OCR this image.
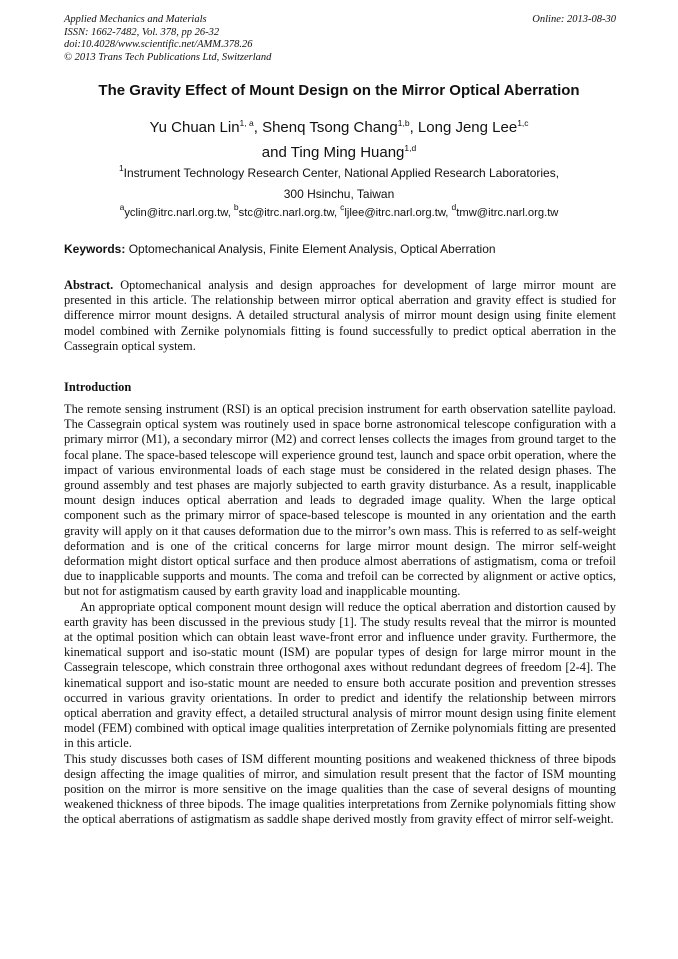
Applied Mechanics and Materials
ISSN: 1662-7482, Vol. 378, pp 26-32
doi:10.4028/www.scientific.net/AMM.378.26
© 2013 Trans Tech Publications Ltd, Switzerland
Online: 2013-08-30
The Gravity Effect of Mount Design on the Mirror Optical Aberration
Yu Chuan Lin$^{1, a}$, Shenq Tsong Chang$^{1,b}$, Long Jeng Lee$^{1,c}$
and Ting Ming Huang$^{1,d}$
$^1$Instrument Technology Research Center, National Applied Research Laboratories,
300 Hsinchu, Taiwan
$^a$yclin@itrc.narl.org.tw, $^b$stc@itrc.narl.org.tw, $^c$ljlee@itrc.narl.org.tw, $^d$tmw@itrc.narl.org.tw
Keywords: Optomechanical Analysis, Finite Element Analysis, Optical Aberration
Abstract. Optomechanical analysis and design approaches for development of large mirror mount are presented in this article. The relationship between mirror optical aberration and gravity effect is studied for difference mirror mount designs. A detailed structural analysis of mirror mount design using finite element model combined with Zernike polynomials fitting is found successfully to predict optical aberration in the Cassegrain optical system.
Introduction

The remote sensing instrument (RSI) is an optical precision instrument for earth observation satellite payload. The Cassegrain optical system was routinely used in space borne astronomical telescope configuration with a primary mirror (M1), a secondary mirror (M2) and correct lenses collects the images from ground target to the focal plane. The space-based telescope will experience ground test, launch and space orbit operation, where the impact of various environmental loads of each stage must be considered in the related design phases. The ground assembly and test phases are majorly subjected to earth gravity disturbance. As a result, inapplicable mount design induces optical aberration and leads to degraded image quality. When the large optical component such as the primary mirror of space-based telescope is mounted in any orientation and the earth gravity will apply on it that causes deformation due to the mirror’s own mass. This is referred to as self-weight deformation and is one of the critical concerns for large mirror mount design. The mirror self-weight deformation might distort optical surface and then produce almost aberrations of astigmatism, coma or trefoil due to inapplicable supports and mounts. The coma and trefoil can be corrected by alignment or active optics, but not for astigmatism caused by earth gravity load and inapplicable mounting.

An appropriate optical component mount design will reduce the optical aberration and distortion caused by earth gravity has been discussed in the previous study [1]. The study results reveal that the mirror is mounted at the optimal position which can obtain least wave-front error and influence under gravity. Furthermore, the kinematical support and iso-static mount (ISM) are popular types of design for large mirror mount in the Cassegrain telescope, which constrain three orthogonal axes without redundant degrees of freedom [2-4]. The kinematical support and iso-static mount are needed to ensure both accurate position and prevention stresses occurred in various gravity orientations. In order to predict and identify the relationship between mirrors optical aberration and gravity effect, a detailed structural analysis of mirror mount design using finite element model (FEM) combined with optical image qualities interpretation of Zernike polynomials fitting are presented in this article.

This study discusses both cases of ISM different mounting positions and weakened thickness of three bipods design affecting the image qualities of mirror, and simulation result present that the factor of ISM mounting position on the mirror is more sensitive on the image qualities than the case of several designs of mounting weakened thickness of three bipods. The image qualities interpretations from Zernike polynomials fitting show the optical aberrations of astigmatism as saddle shape derived mostly from gravity effect of mirror self-weight.
